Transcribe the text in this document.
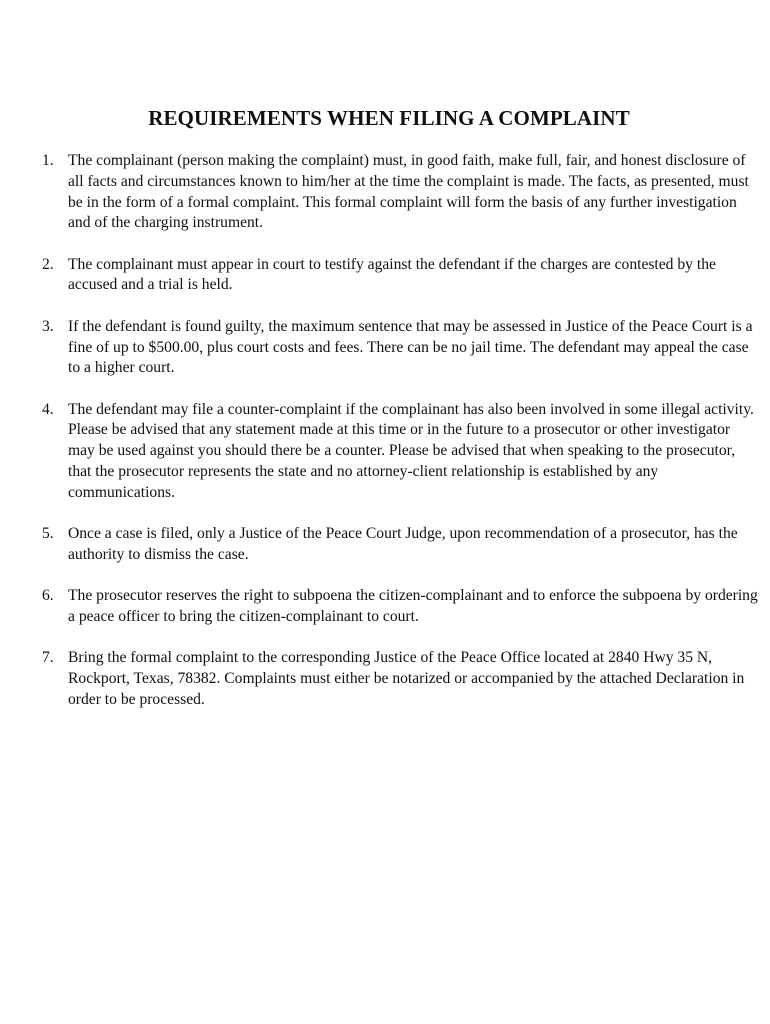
REQUIREMENTS WHEN FILING A COMPLAINT
1. The complainant (person making the complaint) must, in good faith, make full, fair, and honest disclosure of all facts and circumstances known to him/her at the time the complaint is made. The facts, as presented, must be in the form of a formal complaint. This formal complaint will form the basis of any further investigation and of the charging instrument.
2. The complainant must appear in court to testify against the defendant if the charges are contested by the accused and a trial is held.
3. If the defendant is found guilty, the maximum sentence that may be assessed in Justice of the Peace Court is a fine of up to $500.00, plus court costs and fees. There can be no jail time. The defendant may appeal the case to a higher court.
4. The defendant may file a counter-complaint if the complainant has also been involved in some illegal activity. Please be advised that any statement made at this time or in the future to a prosecutor or other investigator may be used against you should there be a counter. Please be advised that when speaking to the prosecutor, that the prosecutor represents the state and no attorney-client relationship is established by any communications.
5. Once a case is filed, only a Justice of the Peace Court Judge, upon recommendation of a prosecutor, has the authority to dismiss the case.
6. The prosecutor reserves the right to subpoena the citizen-complainant and to enforce the subpoena by ordering a peace officer to bring the citizen-complainant to court.
7. Bring the formal complaint to the corresponding Justice of the Peace Office located at 2840 Hwy 35 N, Rockport, Texas, 78382. Complaints must either be notarized or accompanied by the attached Declaration in order to be processed.
